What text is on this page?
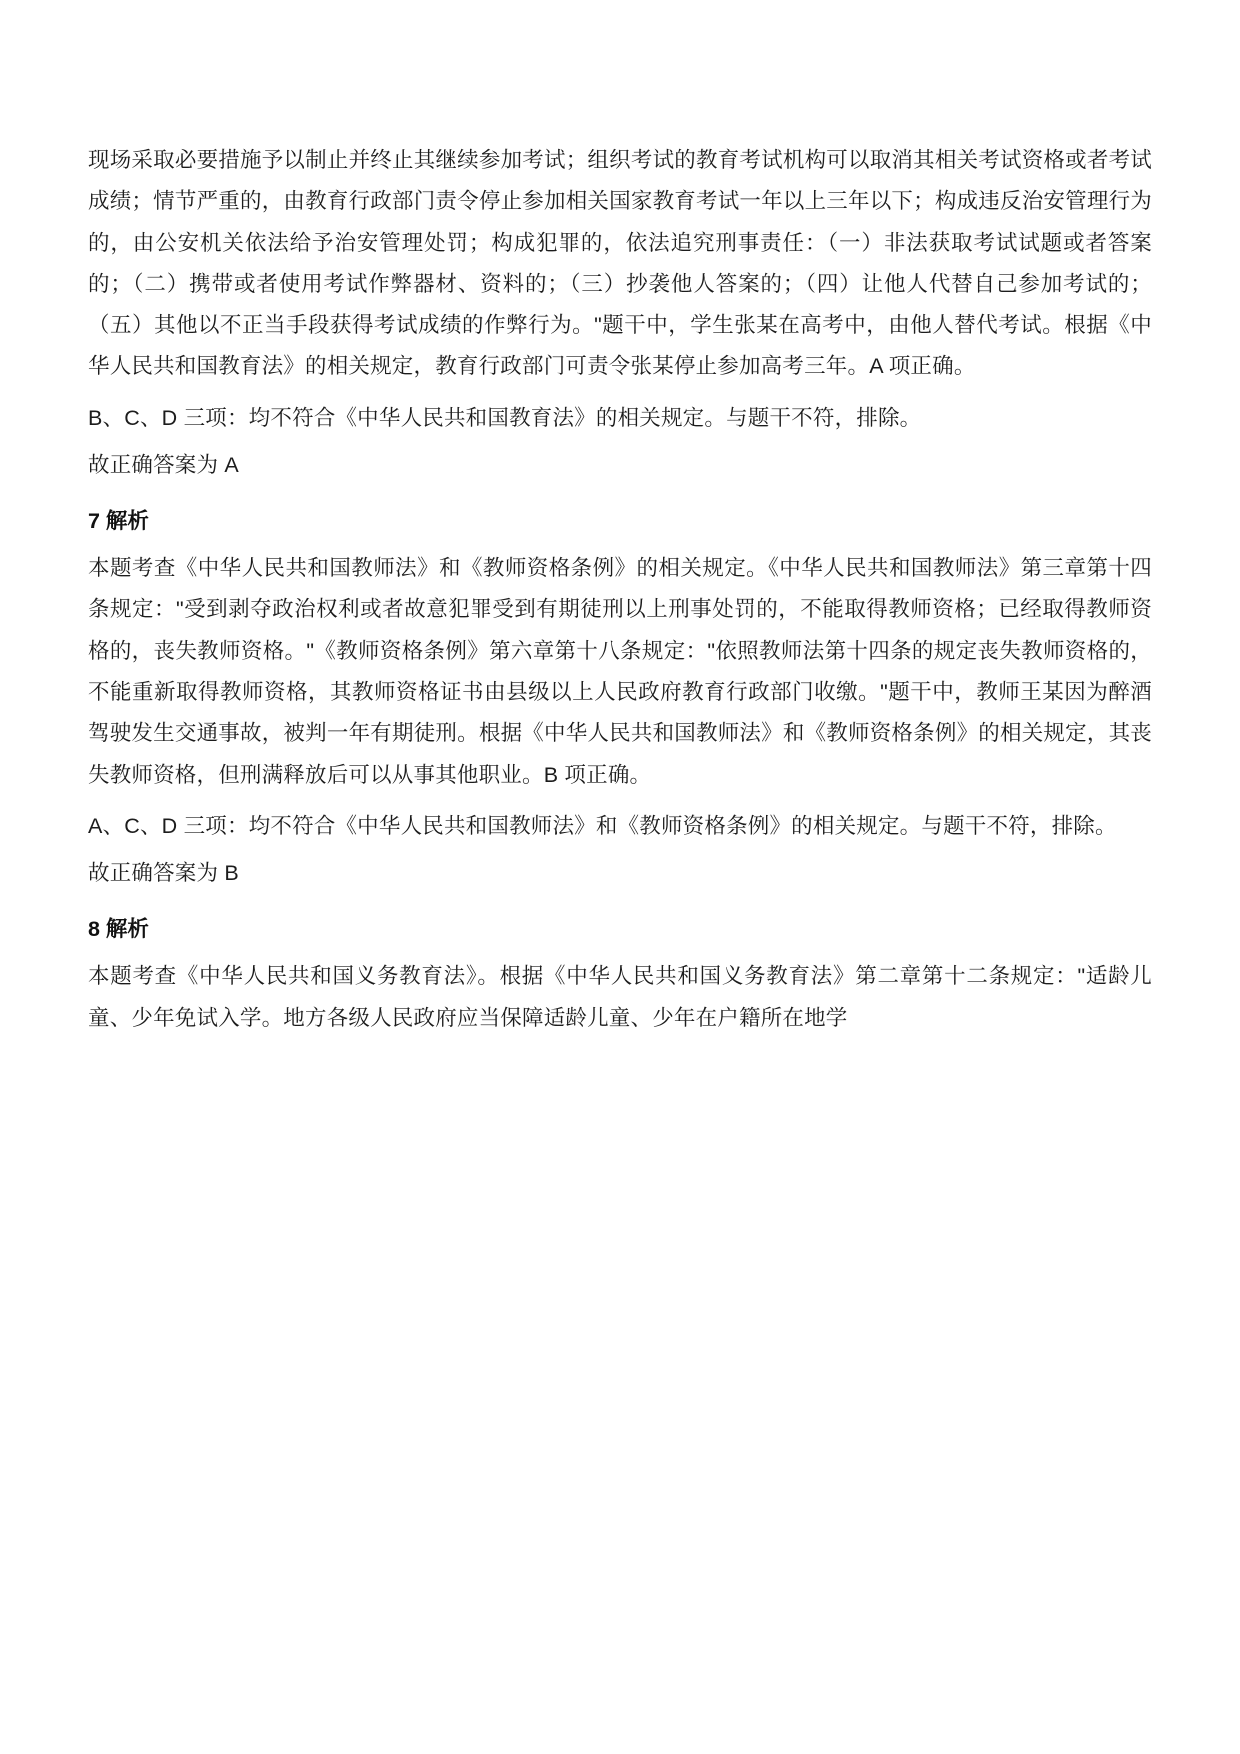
现场采取必要措施予以制止并终止其继续参加考试；组织考试的教育考试机构可以取消其相关考试资格或者考试成绩；情节严重的，由教育行政部门责令停止参加相关国家教育考试一年以上三年以下；构成违反治安管理行为的，由公安机关依法给予治安管理处罚；构成犯罪的，依法追究刑事责任：（一）非法获取考试试题或者答案的；（二）携带或者使用考试作弊器材、资料的；（三）抄袭他人答案的；（四）让他人代替自己参加考试的；（五）其他以不正当手段获得考试成绩的作弊行为。"题干中，学生张某在高考中，由他人替代考试。根据《中华人民共和国教育法》的相关规定，教育行政部门可责令张某停止参加高考三年。A 项正确。

B、C、D 三项：均不符合《中华人民共和国教育法》的相关规定。与题干不符，排除。

故正确答案为 A

7 解析

本题考查《中华人民共和国教师法》和《教师资格条例》的相关规定。《中华人民共和国教师法》第三章第十四条规定："受到剥夺政治权利或者故意犯罪受到有期徒刑以上刑事处罚的，不能取得教师资格；已经取得教师资格的，丧失教师资格。"《教师资格条例》第六章第十八条规定："依照教师法第十四条的规定丧失教师资格的，不能重新取得教师资格，其教师资格证书由县级以上人民政府教育行政部门收缴。"题干中，教师王某因为醉酒驾驶发生交通事故，被判一年有期徒刑。根据《中华人民共和国教师法》和《教师资格条例》的相关规定，其丧失教师资格，但刑满释放后可以从事其他职业。B 项正确。

A、C、D 三项：均不符合《中华人民共和国教师法》和《教师资格条例》的相关规定。与题干不符，排除。

故正确答案为 B

8 解析

本题考查《中华人民共和国义务教育法》。根据《中华人民共和国义务教育法》第二章第十二条规定："适龄儿童、少年免试入学。地方各级人民政府应当保障适龄儿童、少年在户籍所在地学
